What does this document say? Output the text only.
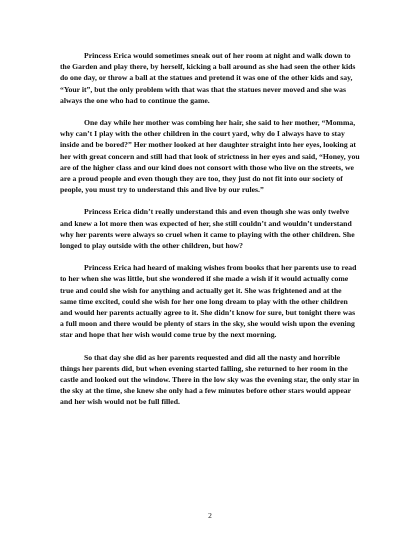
Princess Erica would sometimes sneak out of her room at night and walk down to the Garden and play there, by herself, kicking a ball around as she had seen the other kids do one day, or throw a ball at the statues and pretend it was one of the other kids and say, “Your it”, but the only problem with that was that the statues never moved and she was always the one who had to continue the game.

One day while her mother was combing her hair, she said to her mother, “Momma, why can’t I play with the other children in the court yard, why do I always have to stay inside and be bored?” Her mother looked at her daughter straight into her eyes, looking at her with great concern and still had that look of strictness in her eyes and said, “Honey, you are of the higher class and our kind does not consort with those who live on the streets, we are a proud people and even though they are too, they just do not fit into our society of people, you must try to understand this and live by our rules.”

Princess Erica didn’t really understand this and even though she was only twelve and knew a lot more then was expected of her, she still couldn’t and wouldn’t understand why her parents were always so cruel when it came to playing with the other children. She longed to play outside with the other children, but how?

Princess Erica had heard of making wishes from books that her parents use to read to her when she was little, but she wondered if she made a wish if it would actually come true and could she wish for anything and actually get it. She was frightened and at the same time excited, could she wish for her one long dream to play with the other children and would her parents actually agree to it. She didn’t know for sure, but tonight there was a full moon and there would be plenty of stars in the sky, she would wish upon the evening star and hope that her wish would come true by the next morning.

So that day she did as her parents requested and did all the nasty and horrible things her parents did, but when evening started falling, she returned to her room in the castle and looked out the window. There in the low sky was the evening star, the only star in the sky at the time, she knew she only had a few minutes before other stars would appear and her wish would not be full filled.

2
